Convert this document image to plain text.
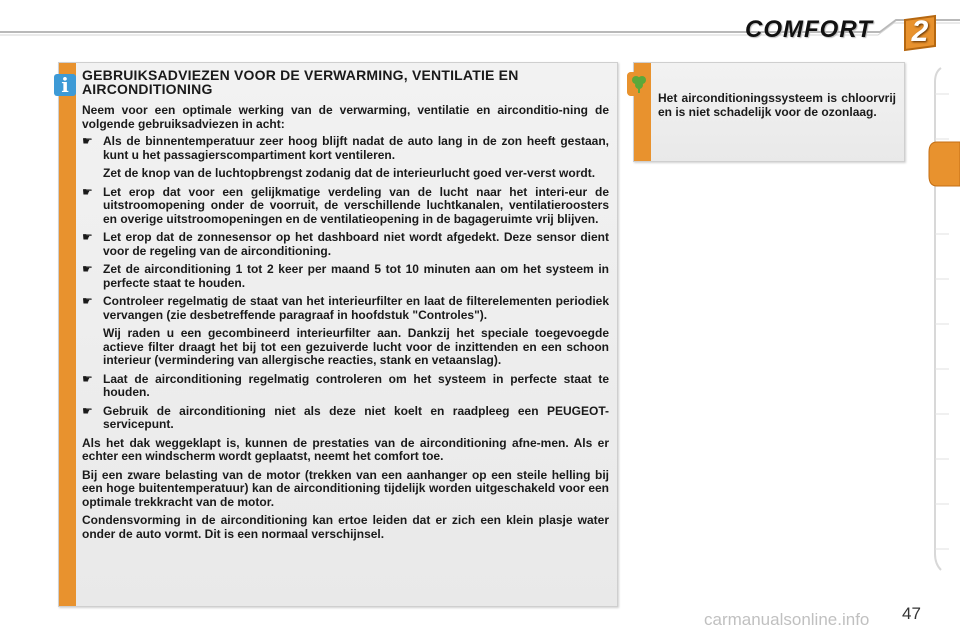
COMFORT	2
i GEBRUIKSADVIEZEN VOOR DE VERWARMING, VENTILATIE EN AIRCONDITIONING

Neem voor een optimale werking van de verwarming, ventilatie en airconditio-ning de volgende gebruiksadviezen in acht:

☛ Als de binnentemperatuur zeer hoog blijft nadat de auto lang in de zon heeft gestaan, kunt u het passagierscompartiment kort ventileren.

Zet de knop van de luchtopbrengst zodanig dat de interieurlucht goed ver-verst wordt.

☛ Let erop dat voor een gelijkmatige verdeling van de lucht naar het interi-eur de uitstroomopening onder de voorruit, de verschillende luchtkanalen, ventilatieroosters en overige uitstroomopeningen en de ventilatieopening in de bagageruimte vrij blijven.
☛ Let erop dat de zonnesensor op het dashboard niet wordt afgedekt. Deze sensor dient voor de regeling van de airconditioning.
☛ Zet de airconditioning 1 tot 2 keer per maand 5 tot 10 minuten aan om het systeem in perfecte staat te houden.
☛ Controleer regelmatig de staat van het interieurfilter en laat de filterelementen periodiek vervangen (zie desbetreffende paragraaf in hoofdstuk "Controles").

Wij raden u een gecombineerd interieurfilter aan. Dankzij het speciale toegevoegde actieve filter draagt het bij tot een gezuiverde lucht voor de inzittenden en een schoon interieur (vermindering van allergische reacties, stank en vetaanslag).

☛ Laat de airconditioning regelmatig controleren om het systeem in perfecte staat te houden.
☛ Gebruik de airconditioning niet als deze niet koelt en raadpleeg een PEUGEOT-servicepunt.

Als het dak weggeklapt is, kunnen de prestaties van de airconditioning afne-men. Als er echter een windscherm wordt geplaatst, neemt het comfort toe.

Bij een zware belasting van de motor (trekken van een aanhanger op een steile helling bij een hoge buitentemperatuur) kan de airconditioning tijdelijk worden uitgeschakeld voor een optimale trekkracht van de motor.

Condensvorming in de airconditioning kan ertoe leiden dat er zich een klein plasje water onder de auto vormt. Dit is een normaal verschijnsel.

Het airconditioningssysteem is chloorvrij en is niet schadelijk voor de ozonlaag.

carmanualsonline.info 47
